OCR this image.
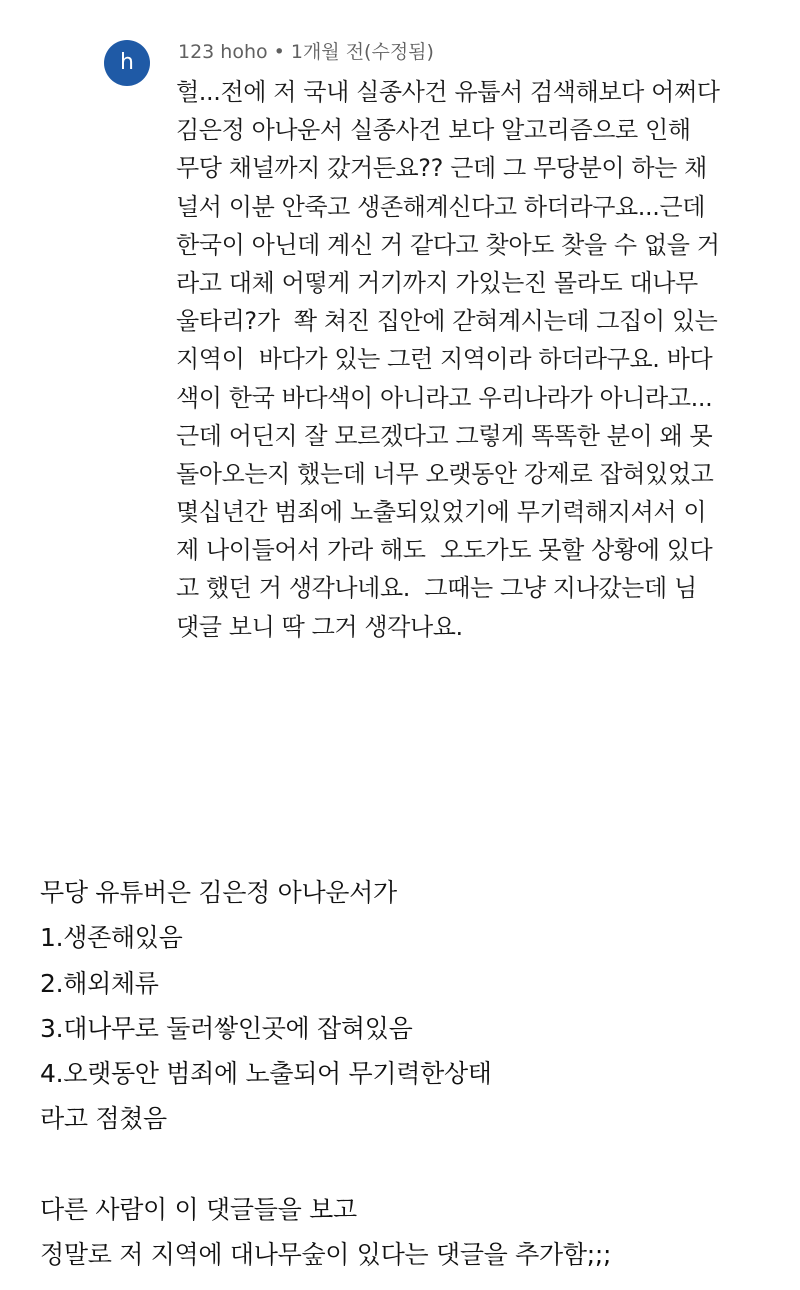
h	123 hoho • 1개월 전(수정됨)
헐...전에 저 국내 실종사건 유툽서 검색해보다 어쩌다
김은정 아나운서 실종사건 보다 알고리즘으로 인해
무당 채널까지 갔거든요?? 근데 그 무당분이 하는 채
널서 이분 안죽고 생존해계신다고 하더라구요...근데
한국이 아닌데 계신 거 같다고 찾아도 찾을 수 없을 거
라고 대체 어떻게 거기까지 가있는진 몰라도 대나무
울타리?가  쫙 쳐진 집안에 갇혀계시는데 그집이 있는
지역이  바다가 있는 그런 지역이라 하더라구요. 바다
색이 한국 바다색이 아니라고 우리나라가 아니라고...
근데 어딘지 잘 모르겠다고 그렇게 똑똑한 분이 왜 못
돌아오는지 했는데 너무 오랫동안 강제로 잡혀있었고
몇십년간 범죄에 노출되있었기에 무기력해지셔서 이
제 나이들어서 가라 해도  오도가도 못할 상황에 있다
고 했던 거 생각나네요.  그때는 그냥 지나갔는데 님
댓글 보니 딱 그거 생각나요.
무당 유튜버은 김은정 아나운서가
1.생존해있음
2.해외체류
3.대나무로 둘러쌓인곳에 잡혀있음
4.오랫동안 범죄에 노출되어 무기력한상태
라고 점쳤음
다른 사람이 이 댓글들을 보고
정말로 저 지역에 대나무숲이 있다는 댓글을 추가함;;;
